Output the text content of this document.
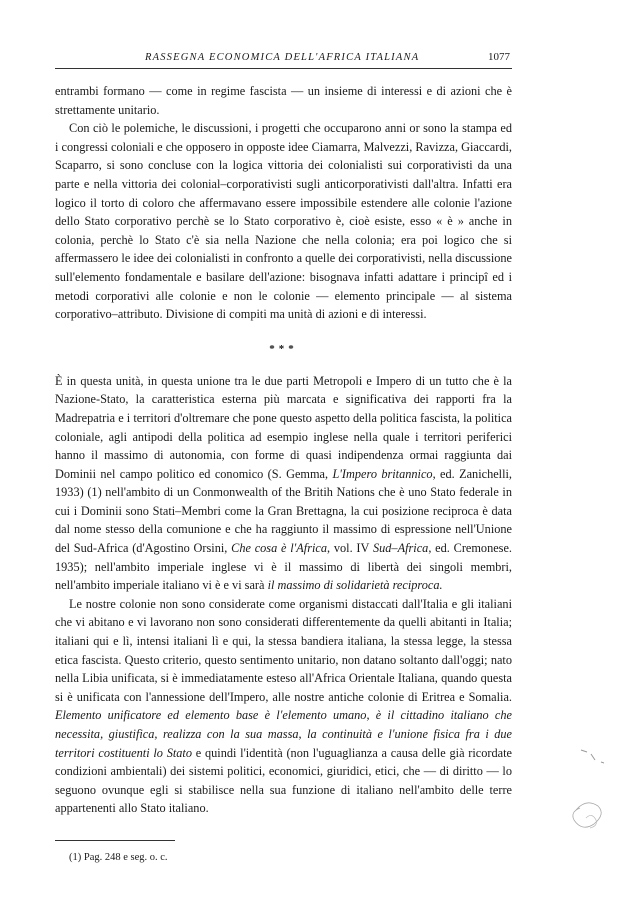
RASSEGNA ECONOMICA DELL'AFRICA ITALIANA	1077

entrambi formano — come in regime fascista — un insieme di interessi e di azioni che è strettamente unitario.

Con ciò le polemiche, le discussioni, i progetti che occuparono anni or sono la stampa ed i congressi coloniali e che opposero in opposte idee Ciamarra, Malvezzi, Ravizza, Giaccardi, Scaparro, si sono concluse con la logica vittoria dei colonialisti sui corporativisti da una parte e nella vittoria dei colonial–corporativisti sugli anticorporativisti dall'altra. Infatti era logico il torto di coloro che affermavano essere impossibile estendere alle colonie l'azione dello Stato corporativo perchè se lo Stato corporativo è, cioè esiste, esso « è » anche in colonia, perchè lo Stato c'è sia nella Nazione che nella colonia; era poi logico che si affermassero le idee dei colonialisti in confronto a quelle dei corporativisti, nella discussione sull'elemento fondamentale e basilare dell'azione: bisognava infatti adattare i principî ed i metodi corporativi alle colonie e non le colonie — elemento principale — al sistema corporativo–attributo. Divisione di compiti ma unità di azioni e di interessi.

***

È in questa unità, in questa unione tra le due parti Metropoli e Impero di un tutto che è la Nazione-Stato, la caratteristica esterna più marcata e significativa dei rapporti fra la Madrepatria e i territori d'oltremare che pone questo aspetto della politica fascista, la politica coloniale, agli antipodi della politica ad esempio inglese nella quale i territori periferici hanno il massimo di autonomia, con forme di quasi indipendenza ormai raggiunta dai Dominii nel campo politico ed conomico (S. Gemma, L'Impero britannico, ed. Zanichelli, 1933) (1) nell'ambito di un Conmonwealth of the Britih Nations che è uno Stato federale in cui i Dominii sono Stati–Membri come la Gran Brettagna, la cui posizione reciproca è data dal nome stesso della comunione e che ha raggiunto il massimo di espressione nell'Unione del Sud-Africa (d'Agostino Orsini, Che cosa è l'Africa, vol. IV Sud–Africa, ed. Cremonese. 1935); nell'ambito imperiale inglese vi è il massimo di libertà dei singoli membri, nell'ambito imperiale italiano vi è e vi sarà il massimo di solidarietà reciproca.

Le nostre colonie non sono considerate come organismi distaccati dall'Italia e gli italiani che vi abitano e vi lavorano non sono considerati differentemente da quelli abitanti in Italia; italiani qui e lì, intensi italiani lì e qui, la stessa bandiera italiana, la stessa legge, la stessa etica fascista. Questo criterio, questo sentimento unitario, non datano soltanto dall'oggi; nato nella Libia unificata, si è immediatamente esteso all'Africa Orientale Italiana, quando questa si è unificata con l'annessione dell'Impero, alle nostre antiche colonie di Eritrea e Somalia. Elemento unificatore ed elemento base è l'elemento umano, è il cittadino italiano che necessita, giustifica, realizza con la sua massa, la continuità e l'unione fisica fra i due territori costituenti lo Stato e quindi l'identità (non l'uguaglianza a causa delle già ricordate condizioni ambientali) dei sistemi politici, economici, giuridici, etici, che — di diritto — lo seguono ovunque egli si stabilisce nella sua funzione di italiano nell'ambito delle terre appartenenti allo Stato italiano.

(1) Pag. 248 e seg. o. c.
